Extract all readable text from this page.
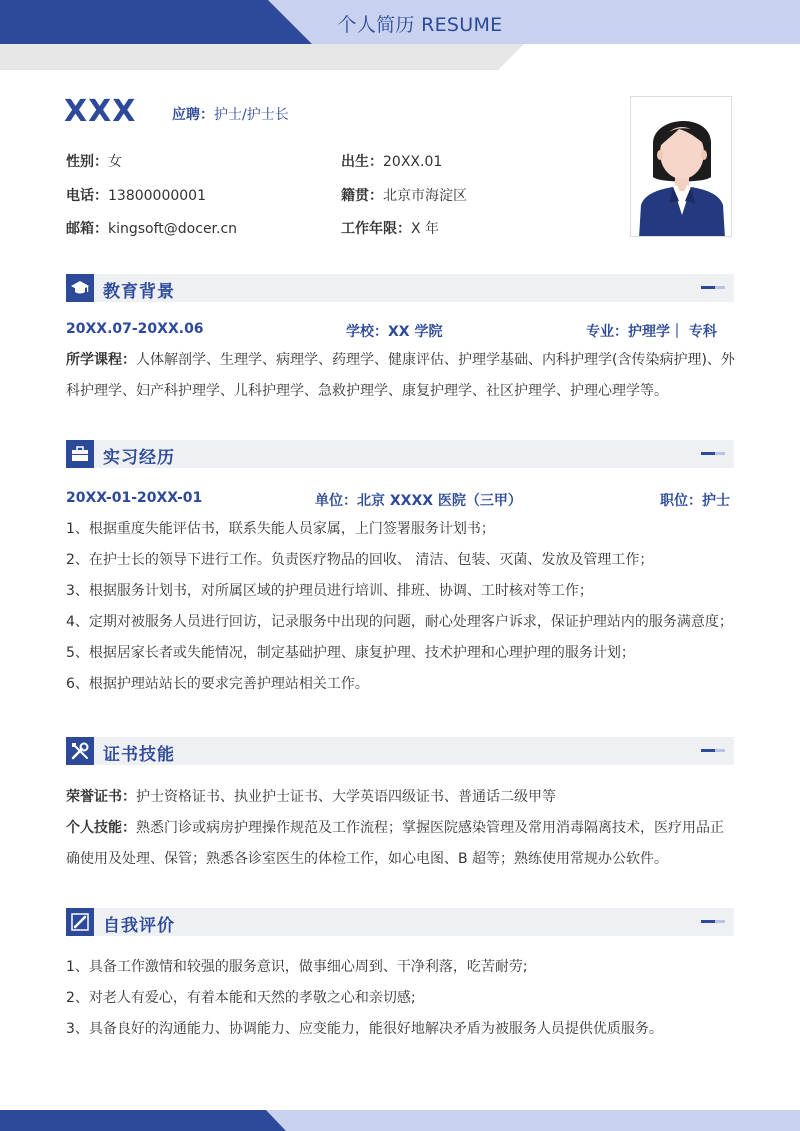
个人简历 RESUME
XXX	应聘：护士/护士长
性别：女	出生：20XX.01
电话：13800000001	籍贯：北京市海淀区
邮箱：kingsoft@docer.cn	工作年限：X 年
教育背景
20XX.07-20XX.06	学校：XX 学院	专业：护理学｜ 专科
所学课程：人体解剖学、生理学、病理学、药理学、健康评估、护理学基础、内科护理学(含传染病护理)、外
科护理学、妇产科护理学、儿科护理学、急救护理学、康复护理学、社区护理学、护理心理学等。
实习经历
20XX-01-20XX-01	单位：北京 XXXX 医院（三甲）	职位：护士
1、根据重度失能评估书，联系失能人员家属，上门签署服务计划书；
2、在护士长的领导下进行工作。负责医疗物品的回收、 清洁、包装、灭菌、发放及管理工作；
3、根据服务计划书，对所属区域的护理员进行培训、排班、协调、工时核对等工作；
4、定期对被服务人员进行回访，记录服务中出现的问题，耐心处理客户诉求，保证护理站内的服务满意度；
5、根据居家长者或失能情况，制定基础护理、康复护理、技术护理和心理护理的服务计划；
6、根据护理站站长的要求完善护理站相关工作。
证书技能
荣誉证书：护士资格证书、执业护士证书、大学英语四级证书、普通话二级甲等
个人技能：熟悉门诊或病房护理操作规范及工作流程；掌握医院感染管理及常用消毒隔离技术，医疗用品正
确使用及处理、保管；熟悉各诊室医生的体检工作，如心电图、B 超等；熟练使用常规办公软件。
自我评价
1、具备工作激情和较强的服务意识，做事细心周到、干净利落，吃苦耐劳;
2、对老人有爱心，有着本能和天然的孝敬之心和亲切感;
3、具备良好的沟通能力、协调能力、应变能力，能很好地解决矛盾为被服务人员提供优质服务。
